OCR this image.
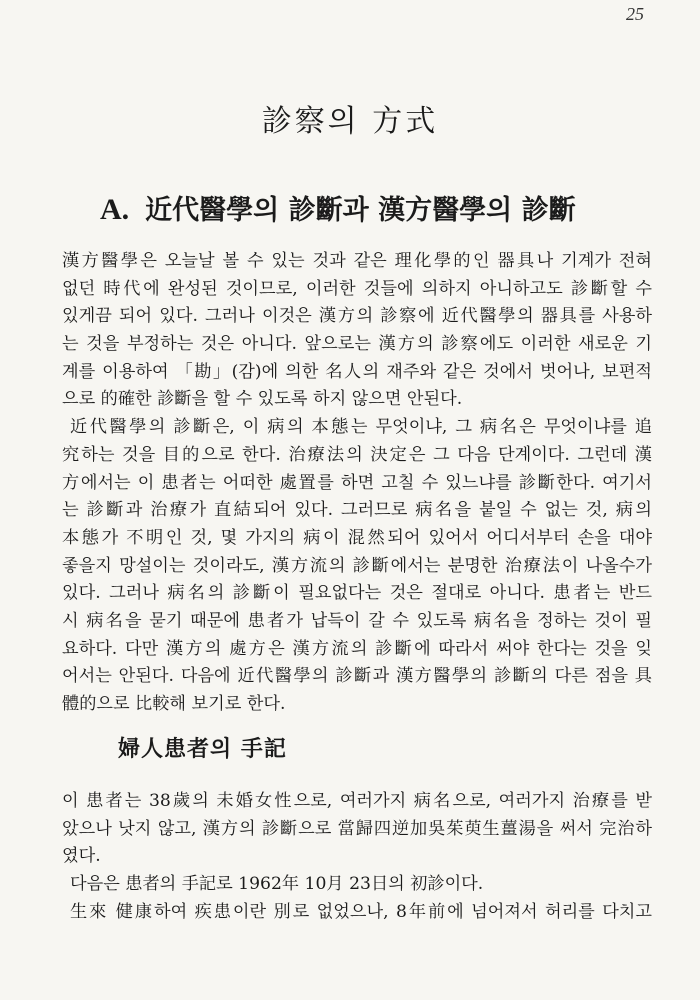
25
診察의 方式
A. 近代醫學의 診斷과 漢方醫學의 診斷
漢方醫學은 오늘날 볼 수 있는 것과 같은 理化學的인 器具나 기계가 전혀
없던 時代에 완성된 것이므로, 이러한 것들에 의하지 아니하고도 診斷할 수
있게끔 되어 있다. 그러나 이것은 漢方의 診察에 近代醫學의 器具를 사용하
는 것을 부정하는 것은 아니다. 앞으로는 漢方의 診察에도 이러한 새로운 기
계를 이용하여 「勘」(감)에 의한 名人의 재주와 같은 것에서 벗어나, 보편적
으로 的確한 診斷을 할 수 있도록 하지 않으면 안된다.
近代醫學의 診斷은, 이 病의 本態는 무엇이냐, 그 病名은 무엇이냐를 追
究하는 것을 目的으로 한다. 治療法의 決定은 그 다음 단계이다. 그런데 漢
方에서는 이 患者는 어떠한 處置를 하면 고칠 수 있느냐를 診斷한다. 여기서
는 診斷과 治療가 直結되어 있다. 그러므로 病名을 붙일 수 없는 것, 病의
本態가 不明인 것, 몇 가지의 病이 混然되어 있어서 어디서부터 손을 대야
좋을지 망설이는 것이라도, 漢方流의 診斷에서는 분명한 治療法이 나올수가
있다. 그러나 病名의 診斷이 필요없다는 것은 절대로 아니다. 患者는 반드
시 病名을 묻기 때문에 患者가 납득이 갈 수 있도록 病名을 정하는 것이 필
요하다. 다만 漢方의 處方은 漢方流의 診斷에 따라서 써야 한다는 것을 잊
어서는 안된다. 다음에 近代醫學의 診斷과 漢方醫學의 診斷의 다른 점을 具
體的으로 比較해 보기로 한다.
婦人患者의 手記
이 患者는 38歲의 未婚女性으로, 여러가지 病名으로, 여러가지 治療를 받
았으나 낫지 않고, 漢方의 診斷으로 當歸四逆加吳茱萸生薑湯을 써서 完治하
였다.
다음은 患者의 手記로 1962年 10月 23日의 初診이다.
生來 健康하여 疾患이란 別로 없었으나, 8年前에 넘어져서 허리를 다치고
